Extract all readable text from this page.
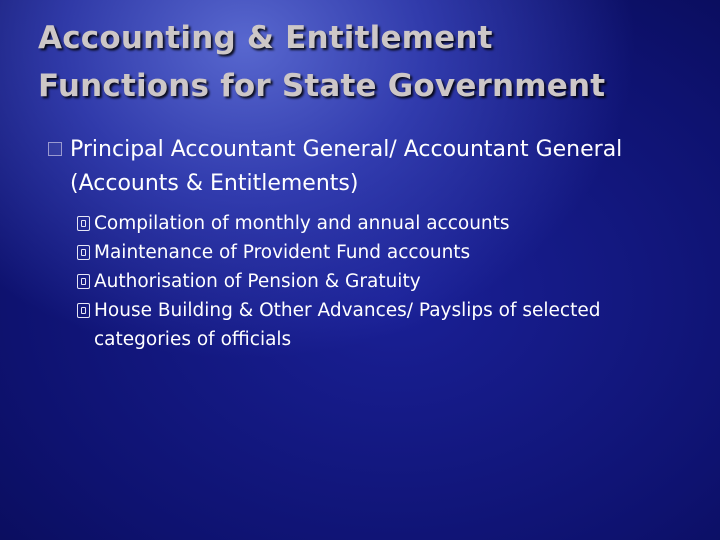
Accounting & Entitlement
Functions for State Government
Principal Accountant General/ Accountant General (Accounts & Entitlements)
Compilation of monthly and annual accounts
Maintenance of Provident Fund accounts
Authorisation of Pension & Gratuity
House Building & Other Advances/ Payslips of selected categories of officials
